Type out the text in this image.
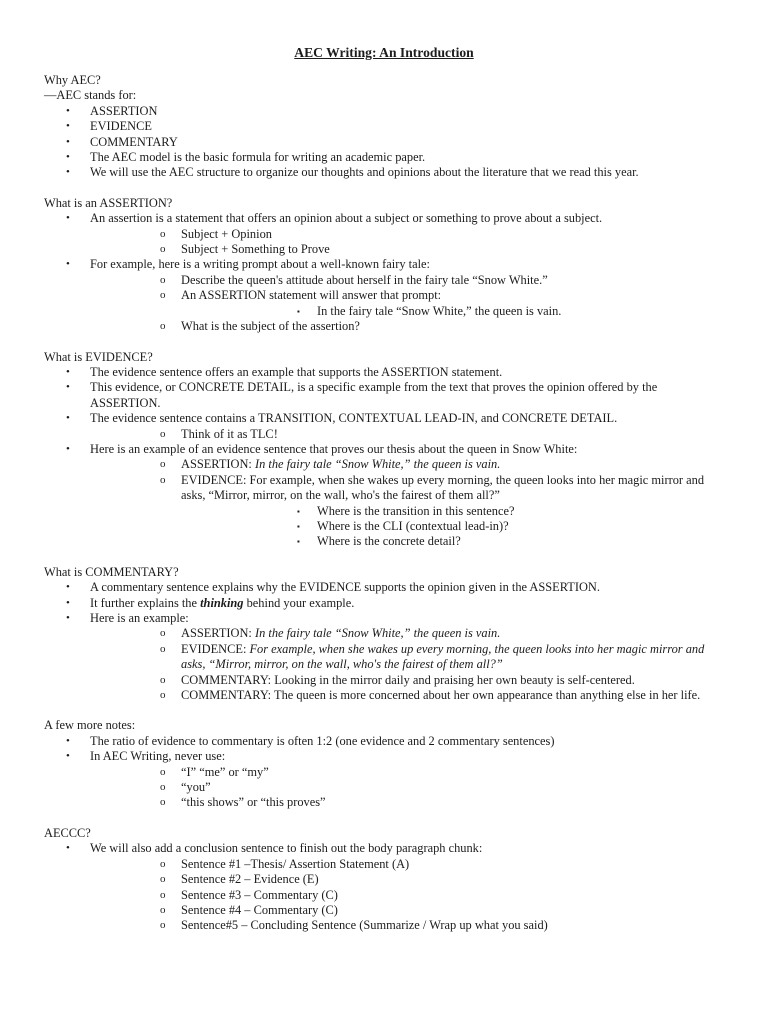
AEC Writing: An Introduction
Why AEC?
—AEC stands for:
• ASSERTION
• EVIDENCE
• COMMENTARY
• The AEC model is the basic formula for writing an academic paper.
• We will use the AEC structure to organize our thoughts and opinions about the literature that we read this year.
What is an ASSERTION?
• An assertion is a statement that offers an opinion about a subject or something to prove about a subject.
o Subject + Opinion
o Subject + Something to Prove
• For example, here is a writing prompt about a well-known fairy tale:
o Describe the queen's attitude about herself in the fairy tale “Snow White.”
o An ASSERTION statement will answer that prompt:
▪ In the fairy tale “Snow White,” the queen is vain.
o What is the subject of the assertion?
What is EVIDENCE?
• The evidence sentence offers an example that supports the ASSERTION statement.
• This evidence, or CONCRETE DETAIL, is a specific example from the text that proves the opinion offered by the ASSERTION.
• The evidence sentence contains a TRANSITION, CONTEXTUAL LEAD-IN, and CONCRETE DETAIL.
o Think of it as TLC!
• Here is an example of an evidence sentence that proves our thesis about the queen in Snow White:
o ASSERTION: In the fairy tale “Snow White,” the queen is vain.
o EVIDENCE: For example, when she wakes up every morning, the queen looks into her magic mirror and asks, “Mirror, mirror, on the wall, who's the fairest of them all?”
▪ Where is the transition in this sentence?
▪ Where is the CLI (contextual lead-in)?
▪ Where is the concrete detail?
What is COMMENTARY?
• A commentary sentence explains why the EVIDENCE supports the opinion given in the ASSERTION.
• It further explains the thinking behind your example.
• Here is an example:
o ASSERTION: In the fairy tale “Snow White,” the queen is vain.
o EVIDENCE: For example, when she wakes up every morning, the queen looks into her magic mirror and asks, “Mirror, mirror, on the wall, who's the fairest of them all?”
o COMMENTARY: Looking in the mirror daily and praising her own beauty is self-centered.
o COMMENTARY: The queen is more concerned about her own appearance than anything else in her life.
A few more notes:
• The ratio of evidence to commentary is often 1:2 (one evidence and 2 commentary sentences)
• In AEC Writing, never use:
o “I” “me” or “my”
o “you”
o “this shows” or “this proves”
AECCC?
• We will also add a conclusion sentence to finish out the body paragraph chunk:
o Sentence #1 –Thesis/ Assertion Statement (A)
o Sentence #2 – Evidence (E)
o Sentence #3 – Commentary (C)
o Sentence #4 – Commentary (C)
o Sentence#5 – Concluding Sentence (Summarize / Wrap up what you said)
